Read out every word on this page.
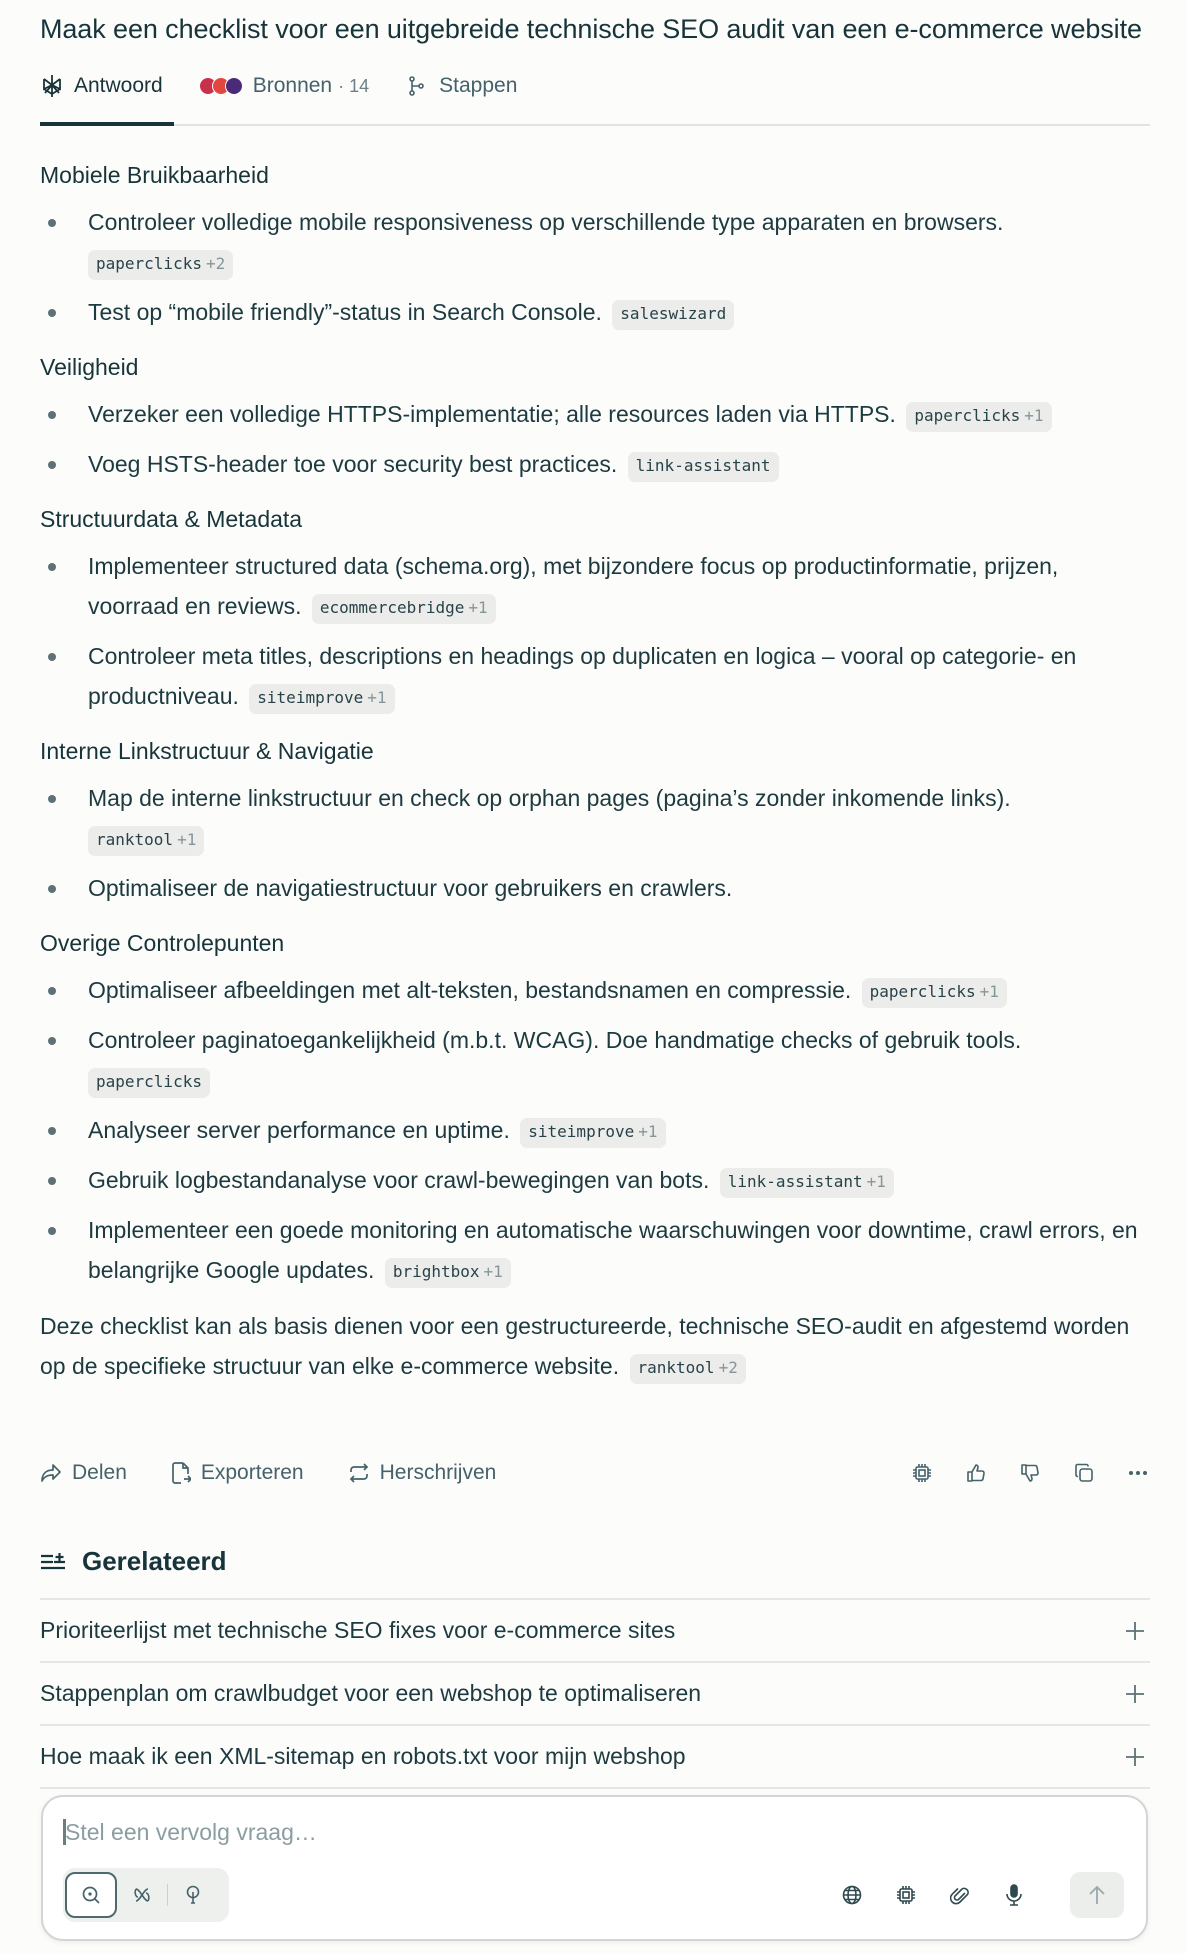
Maak een checklist voor een uitgebreide technische SEO audit van een e-commerce website
Antwoord	Bronnen · 14	Stappen
Mobiele Bruikbaarheid
Controleer volledige mobile responsiveness op verschillende type apparaten en browsers.
paperclicks +2
Test op “mobile friendly”-status in Search Console. saleswizard
Veiligheid
Verzeker een volledige HTTPS-implementatie; alle resources laden via HTTPS. paperclicks +1
Voeg HSTS-header toe voor security best practices. link-assistant
Structuurdata & Metadata
Implementeer structured data (schema.org), met bijzondere focus op productinformatie, prijzen, voorraad en reviews. ecommercebridge +1
Controleer meta titles, descriptions en headings op duplicaten en logica – vooral op categorie- en productniveau. siteimprove +1
Interne Linkstructuur & Navigatie
Map de interne linkstructuur en check op orphan pages (pagina’s zonder inkomende links).
ranktool +1
Optimaliseer de navigatiestructuur voor gebruikers en crawlers.
Overige Controlepunten
Optimaliseer afbeeldingen met alt-teksten, bestandsnamen en compressie. paperclicks +1
Controleer paginatoegankelijkheid (m.b.t. WCAG). Doe handmatige checks of gebruik tools.
paperclicks
Analyseer server performance en uptime. siteimprove +1
Gebruik logbestandanalyse voor crawl-bewegingen van bots. link-assistant +1
Implementeer een goede monitoring en automatische waarschuwingen voor downtime, crawl errors, en belangrijke Google updates. brightbox +1

Deze checklist kan als basis dienen voor een gestructureerde, technische SEO-audit en afgestemd worden op de specifieke structuur van elke e-commerce website. ranktool +2

Delen	Exporteren	Herschrijven
Gerelateerd
Prioriteerlijst met technische SEO fixes voor e-commerce sites
Stappenplan om crawlbudget voor een webshop te optimaliseren
Hoe maak ik een XML-sitemap en robots.txt voor mijn webshop
Stel een vervolg vraag…
